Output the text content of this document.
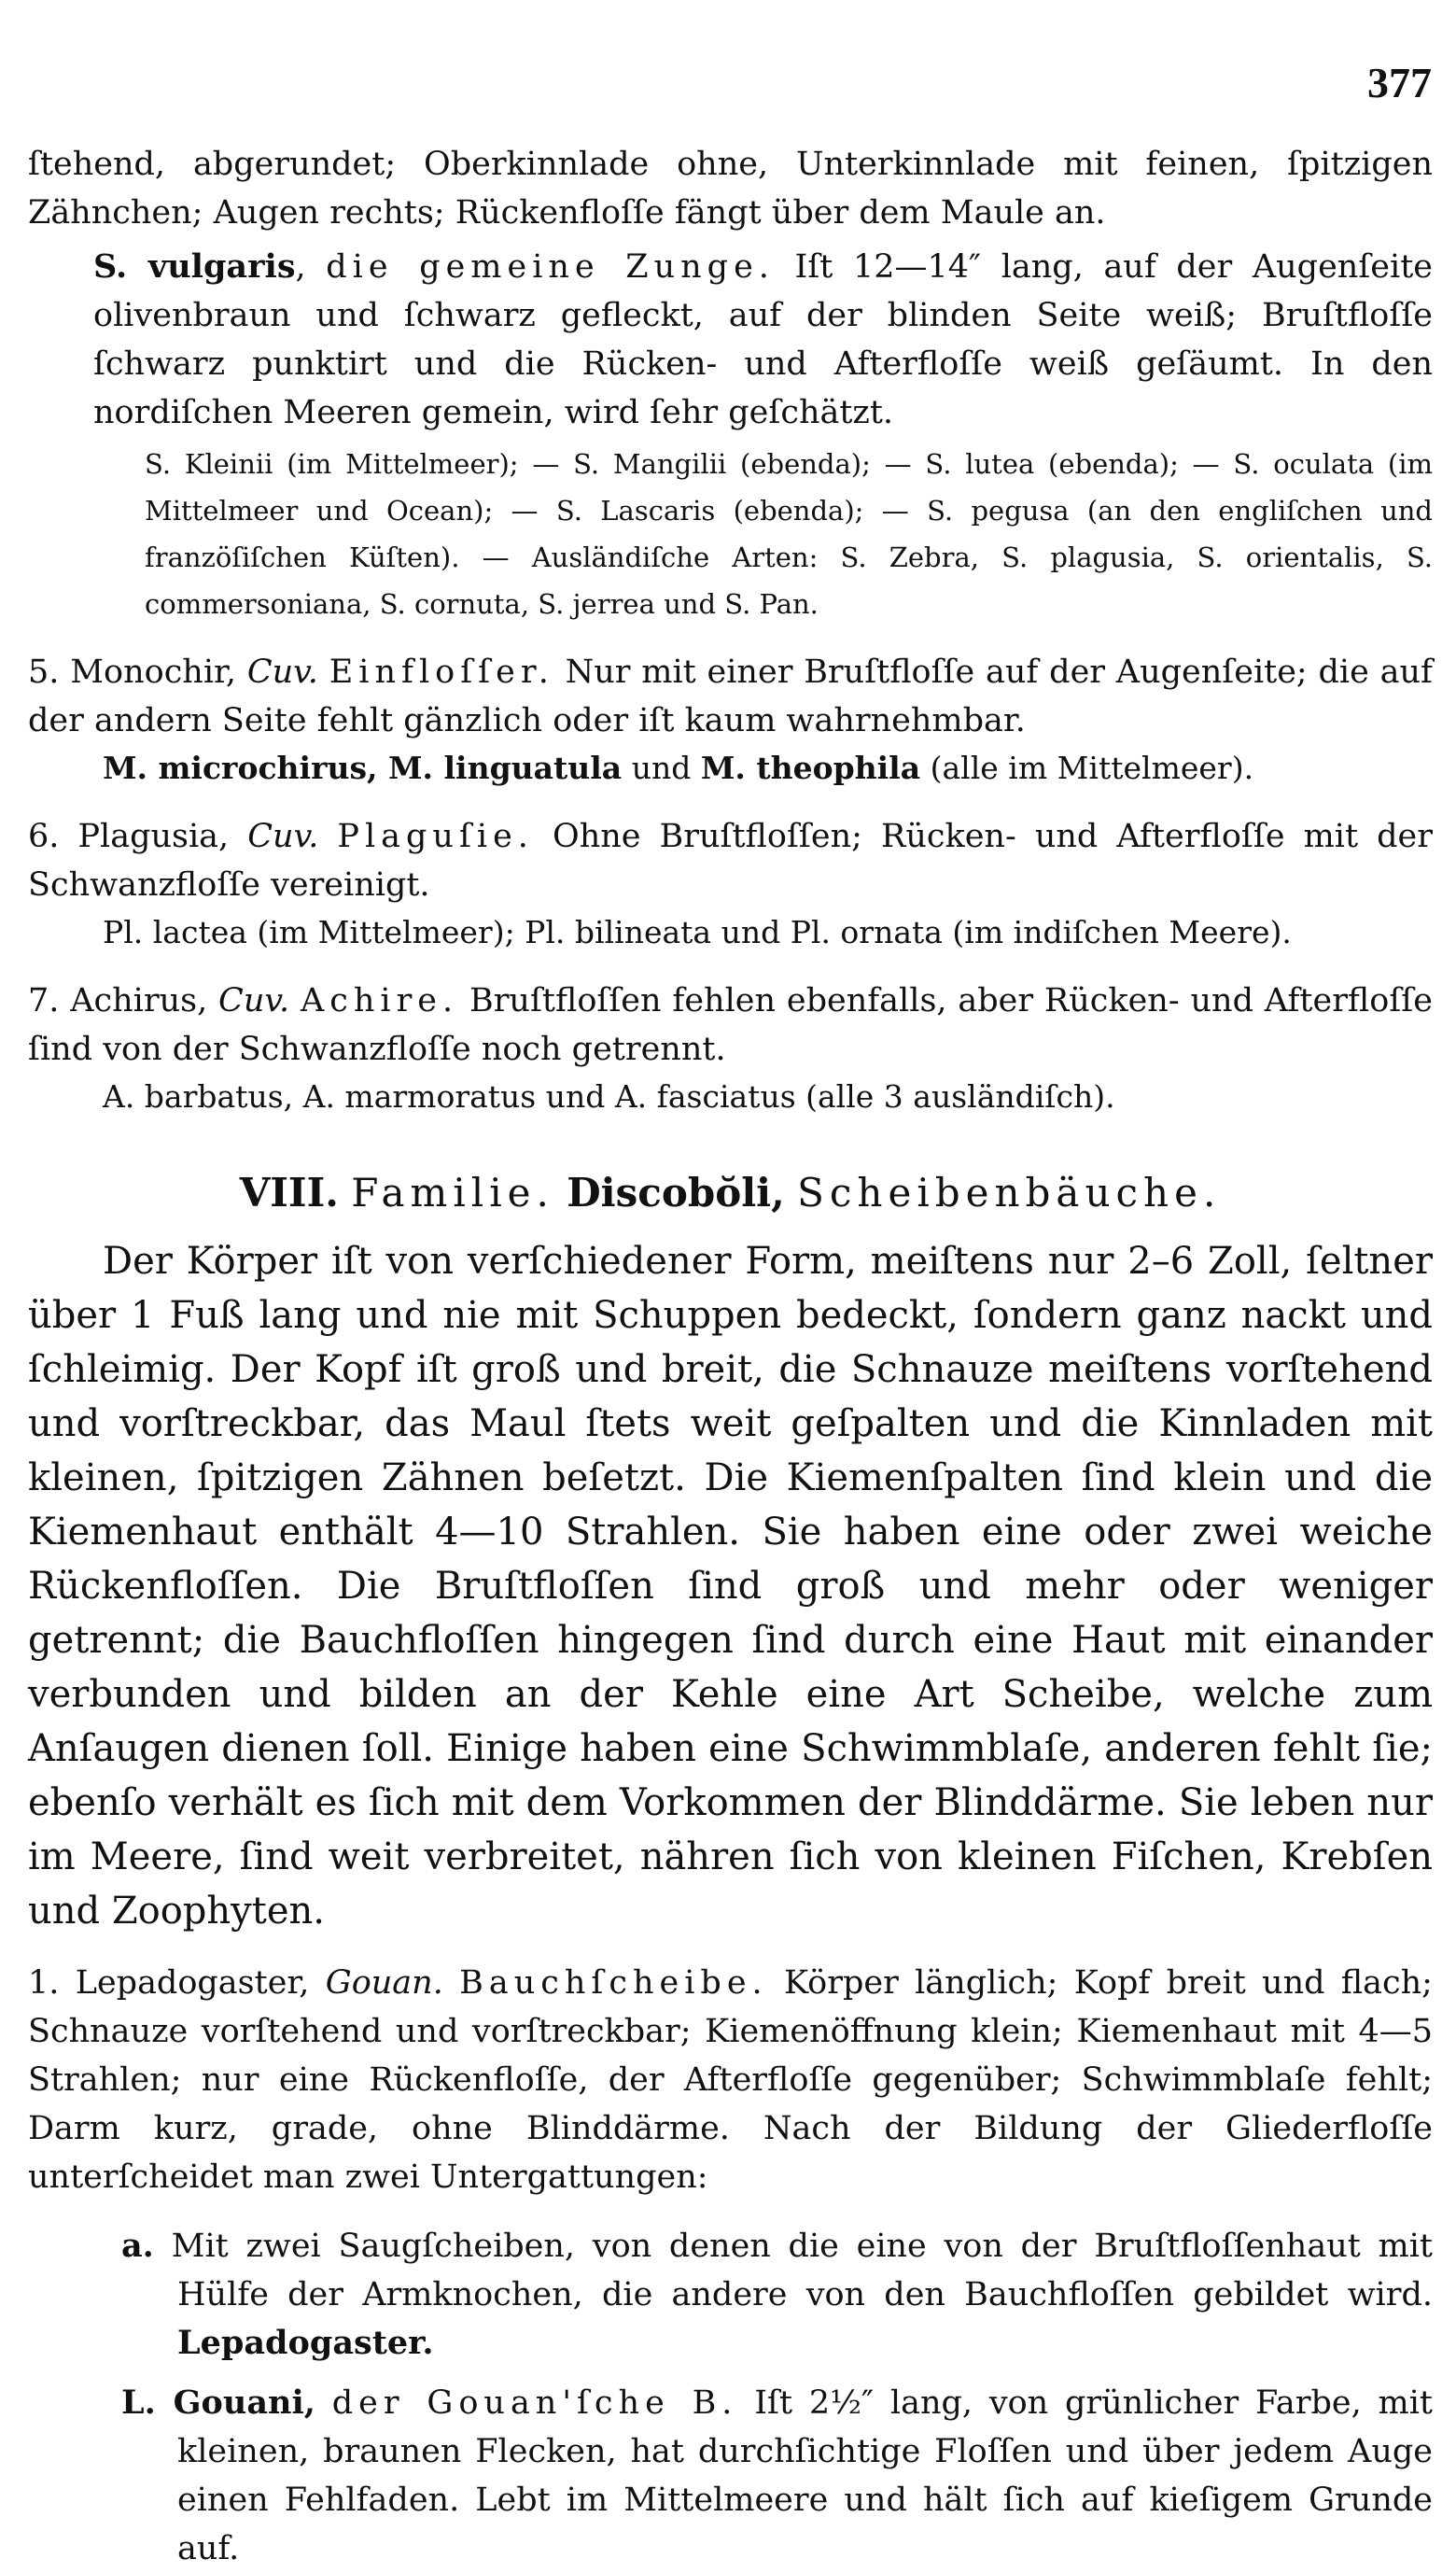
377

ſtehend, abgerundet; Oberkinnlade ohne, Unterkinnlade mit feinen, ſpitzigen Zähnchen; Augen rechts; Rückenfloſſe fängt über dem Maule an.

S. vulgaris, die gemeine Zunge. Iſt 12—14″ lang, auf der Augenſeite olivenbraun und ſchwarz gefleckt, auf der blinden Seite weiß; Bruſtfloſſe ſchwarz punktirt und die Rücken- und Afterfloſſe weiß geſäumt. In den nordiſchen Meeren gemein, wird ſehr geſchätzt.

S. Kleinii (im Mittelmeer); — S. Mangilii (ebenda); — S. lutea (ebenda); — S. oculata (im Mittelmeer und Ocean); — S. Lascaris (ebenda); — S. pegusa (an den engliſchen und franzöſiſchen Küſten). — Ausländiſche Arten: S. Zebra, S. plagusia, S. orientalis, S. commersoniana, S. cornuta, S. jerrea und S. Pan.

5. Monochir, Cuv. Einfloſſer. Nur mit einer Bruſtfloſſe auf der Augenſeite; die auf der andern Seite fehlt gänzlich oder iſt kaum wahrnehmbar.

M. microchirus, M. linguatula und M. theophila (alle im Mittelmeer).

6. Plagusia, Cuv. Plaguſie. Ohne Bruſtfloſſen; Rücken- und Afterfloſſe mit der Schwanzfloſſe vereinigt.

Pl. lactea (im Mittelmeer); Pl. bilineata und Pl. ornata (im indiſchen Meere).

7. Achirus, Cuv. Achire. Bruſtfloſſen fehlen ebenfalls, aber Rücken- und Afterfloſſe ſind von der Schwanzfloſſe noch getrennt.

A. barbatus, A. marmoratus und A. fasciatus (alle 3 ausländiſch).

VIII. Familie. Discobŏli, Scheibenbäuche.

Der Körper iſt von verſchiedener Form, meiſtens nur 2–6 Zoll, ſeltner über 1 Fuß lang und nie mit Schuppen bedeckt, ſondern ganz nackt und ſchleimig. Der Kopf iſt groß und breit, die Schnauze meiſtens vorſtehend und vorſtreckbar, das Maul ſtets weit geſpalten und die Kinnladen mit kleinen, ſpitzigen Zähnen beſetzt. Die Kiemenſpalten ſind klein und die Kiemenhaut enthält 4—10 Strahlen. Sie haben eine oder zwei weiche Rückenfloſſen. Die Bruſtfloſſen ſind groß und mehr oder weniger getrennt; die Bauchfloſſen hingegen ſind durch eine Haut mit einander verbunden und bilden an der Kehle eine Art Scheibe, welche zum Anſaugen dienen ſoll. Einige haben eine Schwimmblaſe, anderen fehlt ſie; ebenſo verhält es ſich mit dem Vorkommen der Blinddärme. Sie leben nur im Meere, ſind weit verbreitet, nähren ſich von kleinen Fiſchen, Krebſen und Zoophyten.

1. Lepadogaster, Gouan. Bauchſcheibe. Körper länglich; Kopf breit und flach; Schnauze vorſtehend und vorſtreckbar; Kiemenöffnung klein; Kiemenhaut mit 4—5 Strahlen; nur eine Rückenfloſſe, der Afterfloſſe gegenüber; Schwimmblaſe fehlt; Darm kurz, grade, ohne Blinddärme. Nach der Bildung der Gliederfloſſe unterſcheidet man zwei Untergattungen:

a. Mit zwei Saugſcheiben, von denen die eine von der Bruſtfloſſenhaut mit Hülfe der Armknochen, die andere von den Bauchfloſſen gebildet wird. Lepadogaster.

L. Gouani, der Gouan'ſche B. Iſt 2½″ lang, von grünlicher Farbe, mit kleinen, braunen Flecken, hat durchſichtige Floſſen und über jedem Auge einen Fehlfaden. Lebt im Mittelmeere und hält ſich auf kieſigem Grunde auf.
